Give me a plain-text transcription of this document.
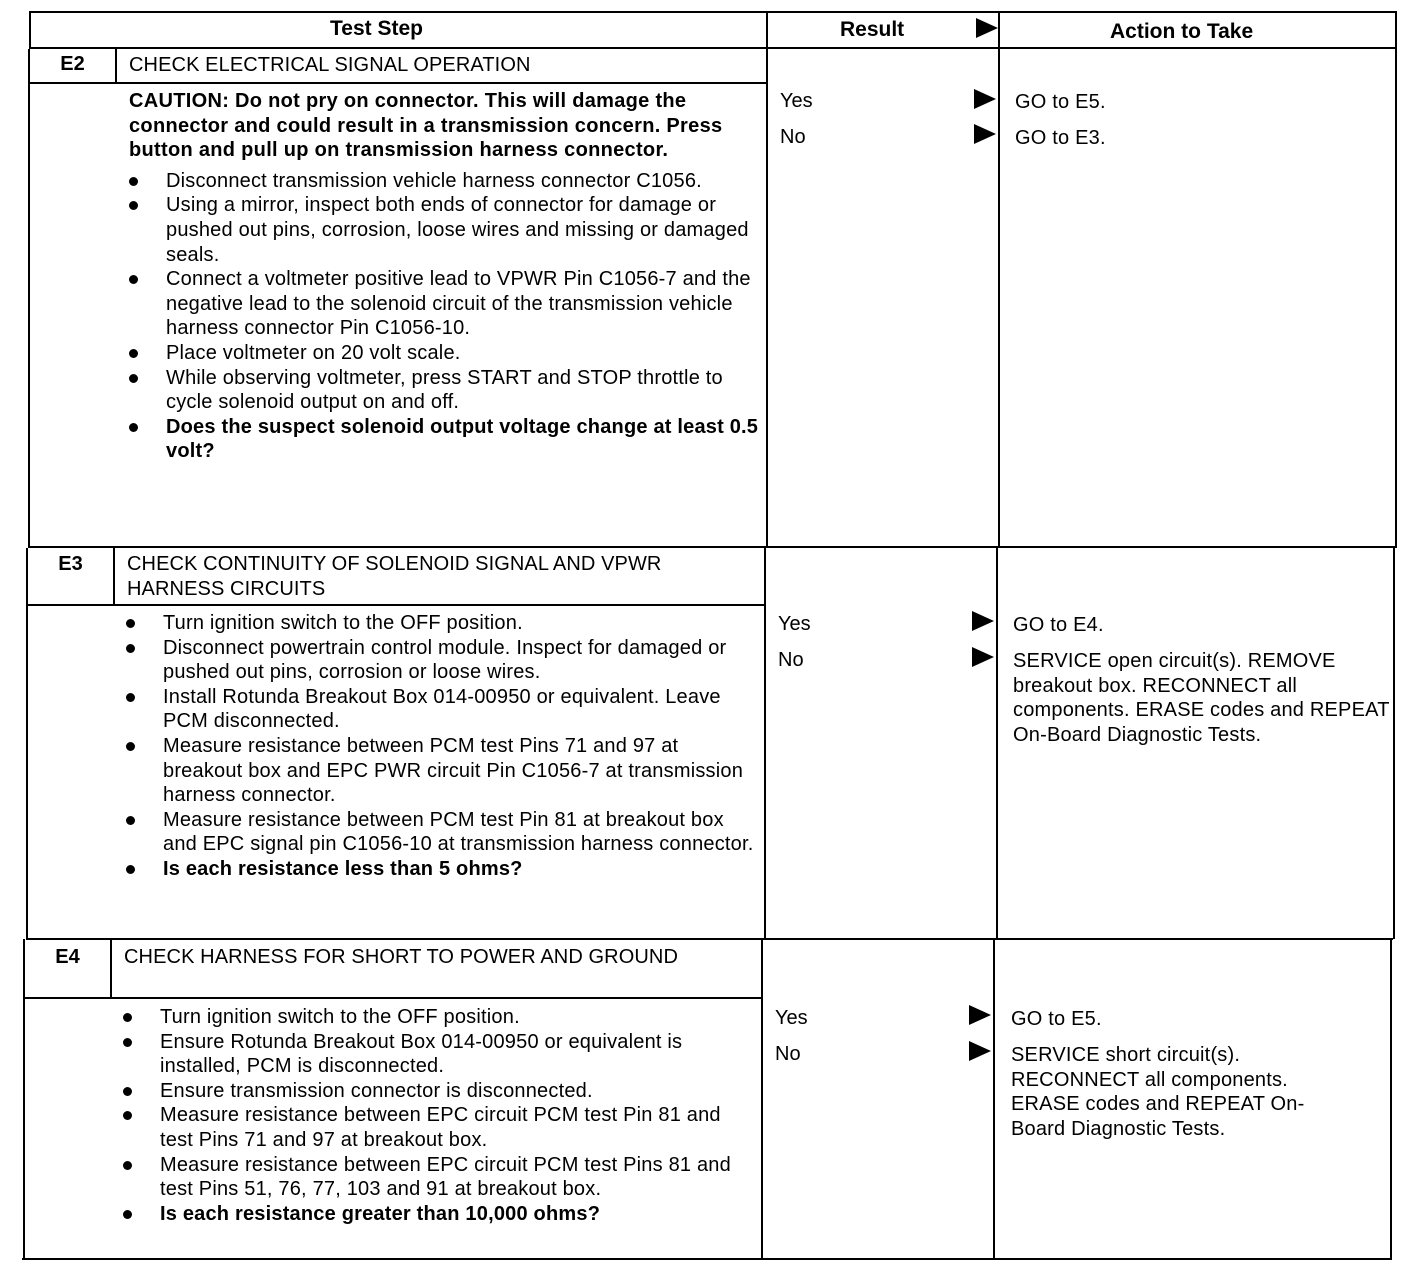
Test Step	Result	Action to Take
E2	CHECK ELECTRICAL SIGNAL OPERATION
CAUTION: Do not pry on connector. This will damage the connector and could result in a transmission concern. Press button and pull up on transmission harness connector.
Disconnect transmission vehicle harness connector C1056.
Using a mirror, inspect both ends of connector for damage or pushed out pins, corrosion, loose wires and missing or damaged seals.
Connect a voltmeter positive lead to VPWR Pin C1056-7 and the negative lead to the solenoid circuit of the transmission vehicle harness connector Pin C1056-10.
Place voltmeter on 20 volt scale.
While observing voltmeter, press START and STOP throttle to cycle solenoid output on and off.
Does the suspect solenoid output voltage change at least 0.5 volt?
Yes	GO to E5.
No	GO to E3.
E3	CHECK CONTINUITY OF SOLENOID SIGNAL AND VPWR HARNESS CIRCUITS
Turn ignition switch to the OFF position.
Disconnect powertrain control module. Inspect for damaged or pushed out pins, corrosion or loose wires.
Install Rotunda Breakout Box 014-00950 or equivalent. Leave PCM disconnected.
Measure resistance between PCM test Pins 71 and 97 at breakout box and EPC PWR circuit Pin C1056-7 at transmission harness connector.
Measure resistance between PCM test Pin 81 at breakout box and EPC signal pin C1056-10 at transmission harness connector.
Is each resistance less than 5 ohms?
Yes	GO to E4.
No	SERVICE open circuit(s). REMOVE breakout box. RECONNECT all components. ERASE codes and REPEAT On-Board Diagnostic Tests.
E4	CHECK HARNESS FOR SHORT TO POWER AND GROUND
Turn ignition switch to the OFF position.
Ensure Rotunda Breakout Box 014-00950 or equivalent is installed, PCM is disconnected.
Ensure transmission connector is disconnected.
Measure resistance between EPC circuit PCM test Pin 81 and test Pins 71 and 97 at breakout box.
Measure resistance between EPC circuit PCM test Pins 81 and test Pins 51, 76, 77, 103 and 91 at breakout box.
Is each resistance greater than 10,000 ohms?
Yes	GO to E5.
No	SERVICE short circuit(s). RECONNECT all components. ERASE codes and REPEAT On-Board Diagnostic Tests.
